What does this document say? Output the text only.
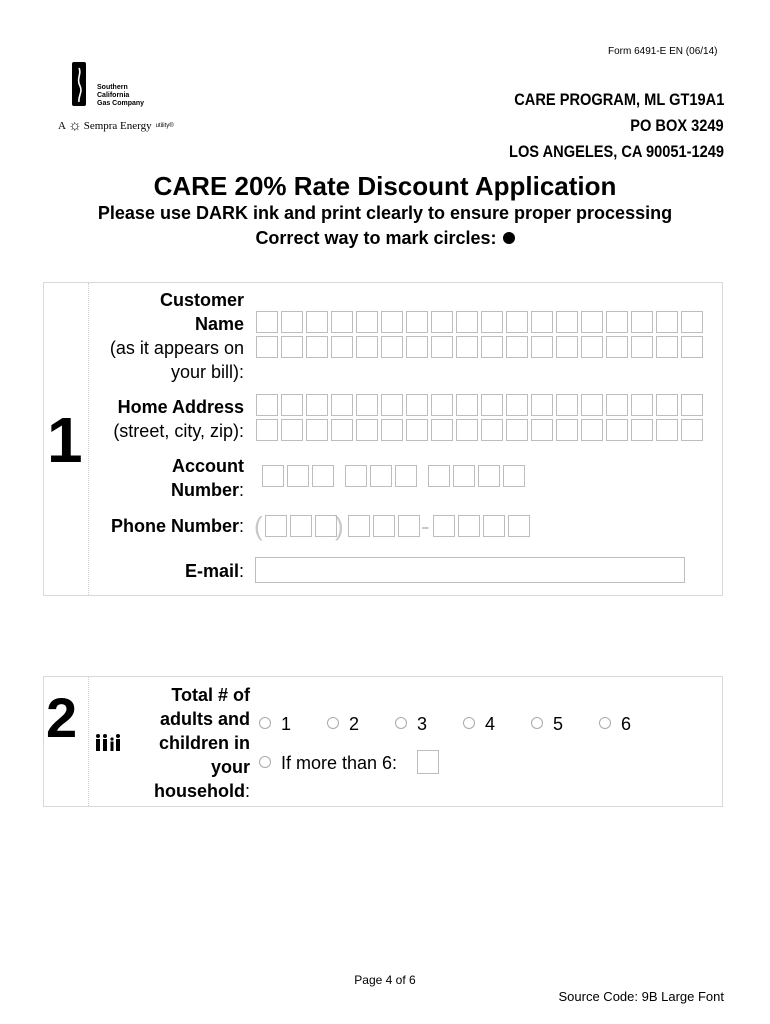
Form 6491-E EN (06/14)
Southern
California
Gas Company
A ☼ Sempra Energy utility®
CARE PROGRAM, ML GT19A1
PO BOX 3249
LOS ANGELES, CA 90051-1249
CARE 20% Rate Discount Application
Please use DARK ink and print clearly to ensure proper processing
Correct way to mark circles:
1
Customer
Name
(as it appears on
your bill):
Home Address
(street, city, zip):
Account
Number:
Phone Number: (	)	-
E-mail:
2	Total # of
adults and
children in
your
household:
If more than 6:
Page 4 of 6
Source Code: 9B Large Font
1	2	3	4	5	6
